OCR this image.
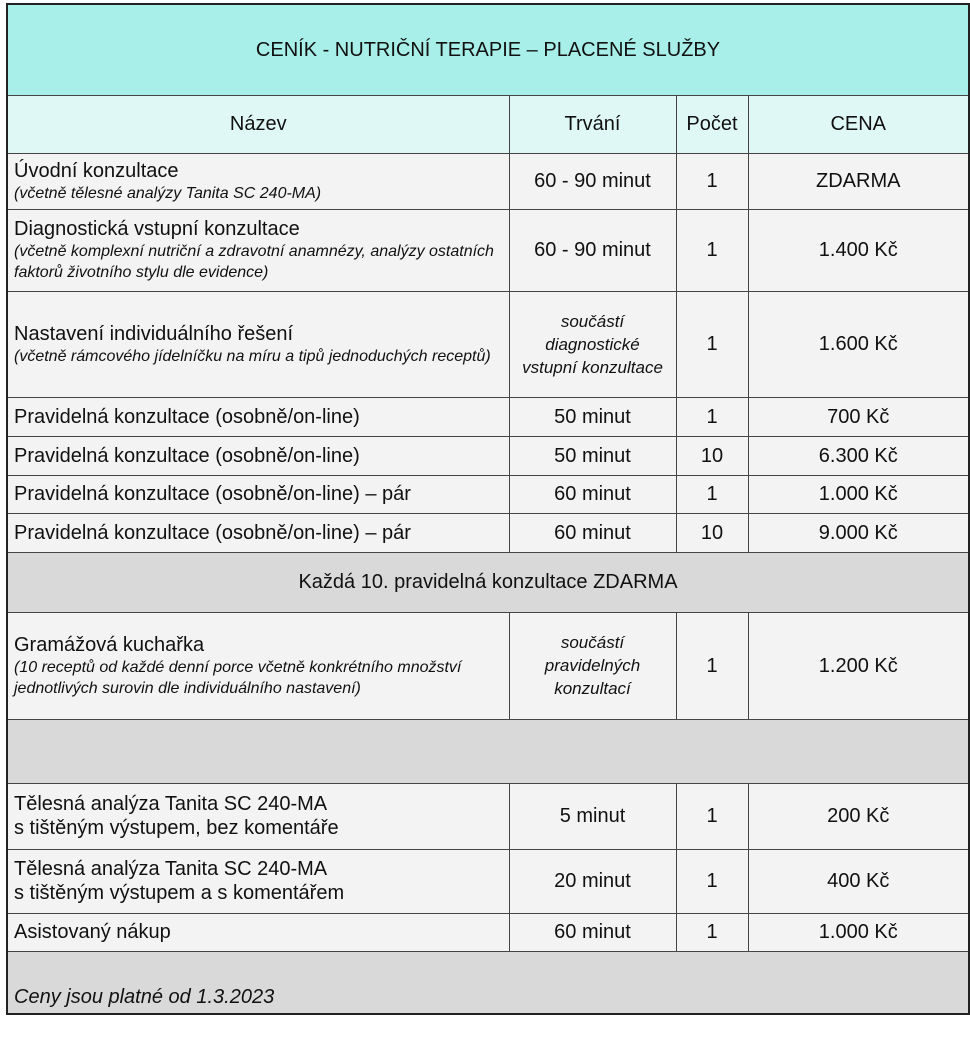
CENÍK - NUTRIČNÍ TERAPIE – PLACENÉ SLUŽBY			
Název	Trvání	Počet	CENA

Úvodní konzultace
(včetně tělesné analýzy Tanita SC 240-MA)	60 - 90 minut	1	ZDARMA

Diagnostická vstupní konzultace
(včetně komplexní nutriční a zdravotní anamnézy, analýzy ostatních faktorů životního stylu dle evidence)	60 - 90 minut	1	1.400 Kč

Nastavení individuálního řešení
(včetně rámcového jídelníčku na míru a tipů jednoduchých receptů)	součástí diagnostické vstupní konzultace	1	1.600 Kč
Pravidelná konzultace (osobně/on-line)	50 minut	1	700 Kč
Pravidelná konzultace (osobně/on-line)	50 minut	10	6.300 Kč
Pravidelná konzultace (osobně/on-line) – pár	60 minut	1	1.000 Kč
Pravidelná konzultace (osobně/on-line) – pár	60 minut	10	9.000 Kč
Každá 10. pravidelná konzultace ZDARMA			

Gramážová kuchařka
(10 receptů od každé denní porce včetně konkrétního množství jednotlivých surovin dle individuálního nastavení)	součástí pravidelných konzultací	1	1.200 Kč

Tělesná analýza Tanita SC 240-MA
s tištěným výstupem, bez komentáře	5 minut	1	200 Kč

Tělesná analýza Tanita SC 240-MA
s tištěným výstupem a s komentářem	20 minut	1	400 Kč
Asistovaný nákup	60 minut	1	1.000 Kč
Ceny jsou platné od 1.3.2023			
